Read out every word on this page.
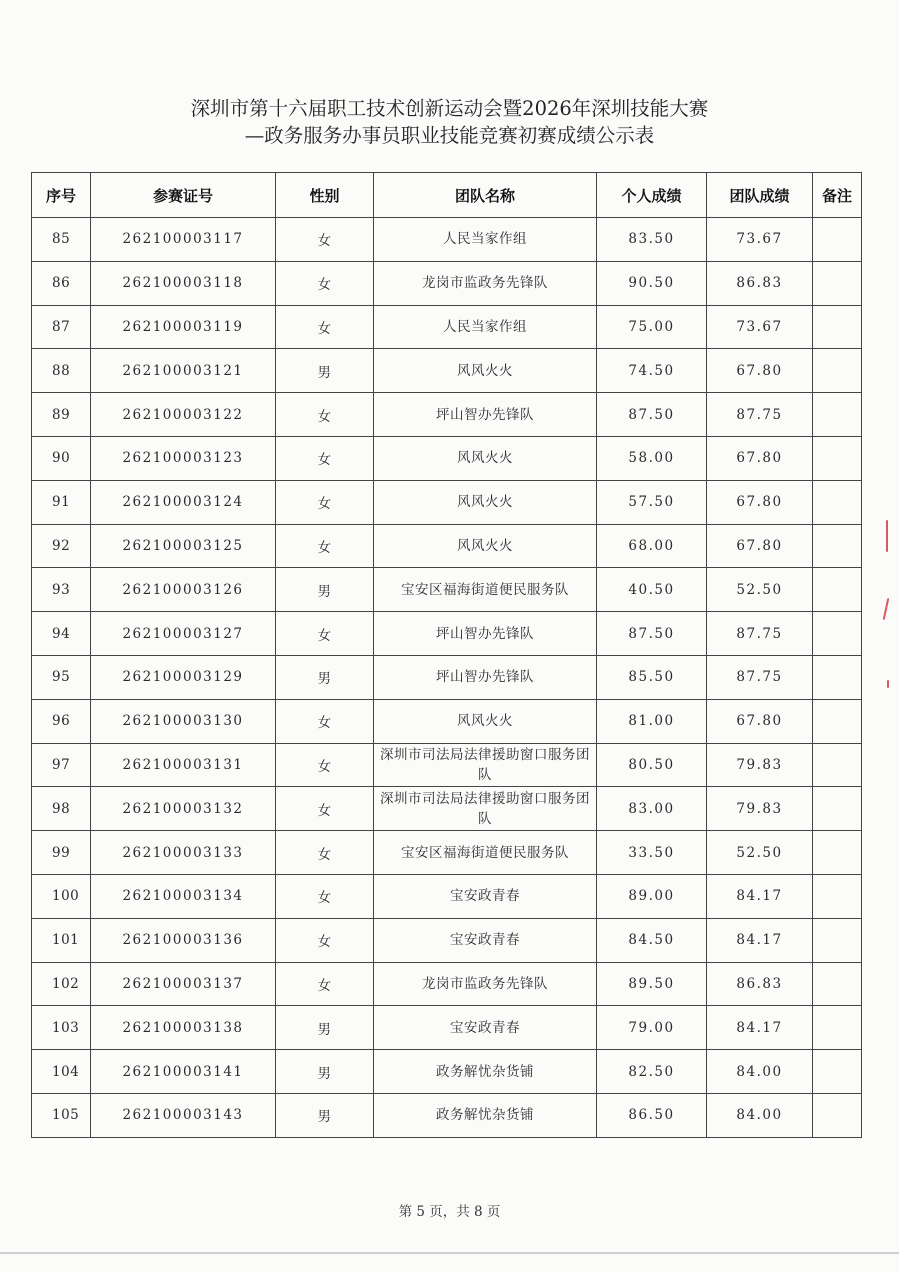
深圳市第十六届职工技术创新运动会暨2026年深圳技能大赛
—政务服务办事员职业技能竞赛初赛成绩公示表
序号	参赛证号	性别	团队名称	个人成绩	团队成绩	备注
85	262100003117	女	人民当家作组	83.50	73.67	
86	262100003118	女	龙岗市监政务先锋队	90.50	86.83	
87	262100003119	女	人民当家作组	75.00	73.67	
88	262100003121	男	风风火火	74.50	67.80	
89	262100003122	女	坪山智办先锋队	87.50	87.75	
90	262100003123	女	风风火火	58.00	67.80	
91	262100003124	女	风风火火	57.50	67.80	
92	262100003125	女	风风火火	68.00	67.80	
93	262100003126	男	宝安区福海街道便民服务队	40.50	52.50	
94	262100003127	女	坪山智办先锋队	87.50	87.75	
95	262100003129	男	坪山智办先锋队	85.50	87.75	
96	262100003130	女	风风火火	81.00	67.80	
97	262100003131	女	深圳市司法局法律援助窗口服务团队	80.50	79.83	
98	262100003132	女	深圳市司法局法律援助窗口服务团队	83.00	79.83	
99	262100003133	女	宝安区福海街道便民服务队	33.50	52.50	
100	262100003134	女	宝安政青春	89.00	84.17	
101	262100003136	女	宝安政青春	84.50	84.17	
102	262100003137	女	龙岗市监政务先锋队	89.50	86.83	
103	262100003138	男	宝安政青春	79.00	84.17	
104	262100003141	男	政务解忧杂货铺	82.50	84.00	
105	262100003143	男	政务解忧杂货铺	86.50	84.00	
第 5 页，共 8 页
